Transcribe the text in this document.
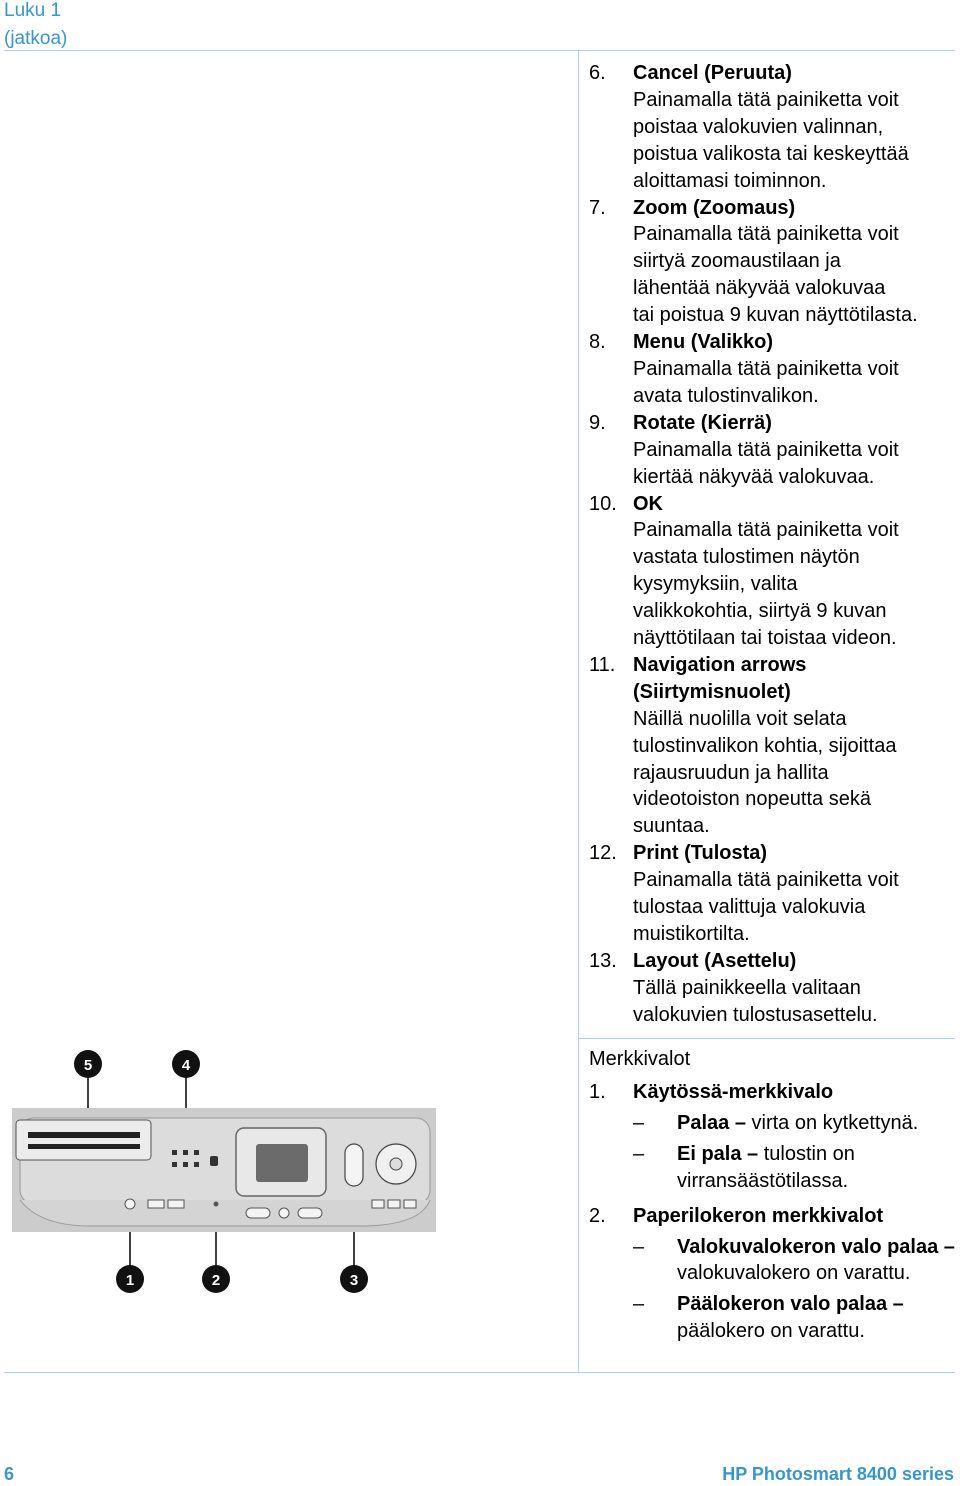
Luku 1
(jatkoa)
5	4
1	2	3
6.	Cancel (Peruuta)
Painamalla tätä painiketta voit
poistaa valokuvien valinnan,
poistua valikosta tai keskeyttää
aloittamasi toiminnon.
7.	Zoom (Zoomaus)
Painamalla tätä painiketta voit
siirtyä zoomaustilaan ja
lähentää näkyvää valokuvaa
tai poistua 9 kuvan näyttötilasta.
8.	Menu (Valikko)
Painamalla tätä painiketta voit
avata tulostinvalikon.
9.	Rotate (Kierrä)
Painamalla tätä painiketta voit
kiertää näkyvää valokuvaa.
10. OK
Painamalla tätä painiketta voit
vastata tulostimen näytön
kysymyksiin, valita
valikkokohtia, siirtyä 9 kuvan
näyttötilaan tai toistaa videon.
11. Navigation arrows
(Siirtymisnuolet)
Näillä nuolilla voit selata
tulostinvalikon kohtia, sijoittaa
rajausruudun ja hallita
videotoiston nopeutta sekä
suuntaa.
12. Print (Tulosta)
Painamalla tätä painiketta voit
tulostaa valittuja valokuvia
muistikortilta.
13. Layout (Asettelu)
Tällä painikkeella valitaan
valokuvien tulostusasettelu.
Merkkivalot
1.	Käytössä-merkkivalo
–	Palaa – virta on kytkettynä.
–	Ei pala – tulostin on virransäästötilassa.
2.	Paperilokeron merkkivalot
–	Valokuvalokeron valo palaa – valokuvalokero on varattu.
–	Päälokeron valo palaa – päälokero on varattu.
6	HP Photosmart 8400 series
